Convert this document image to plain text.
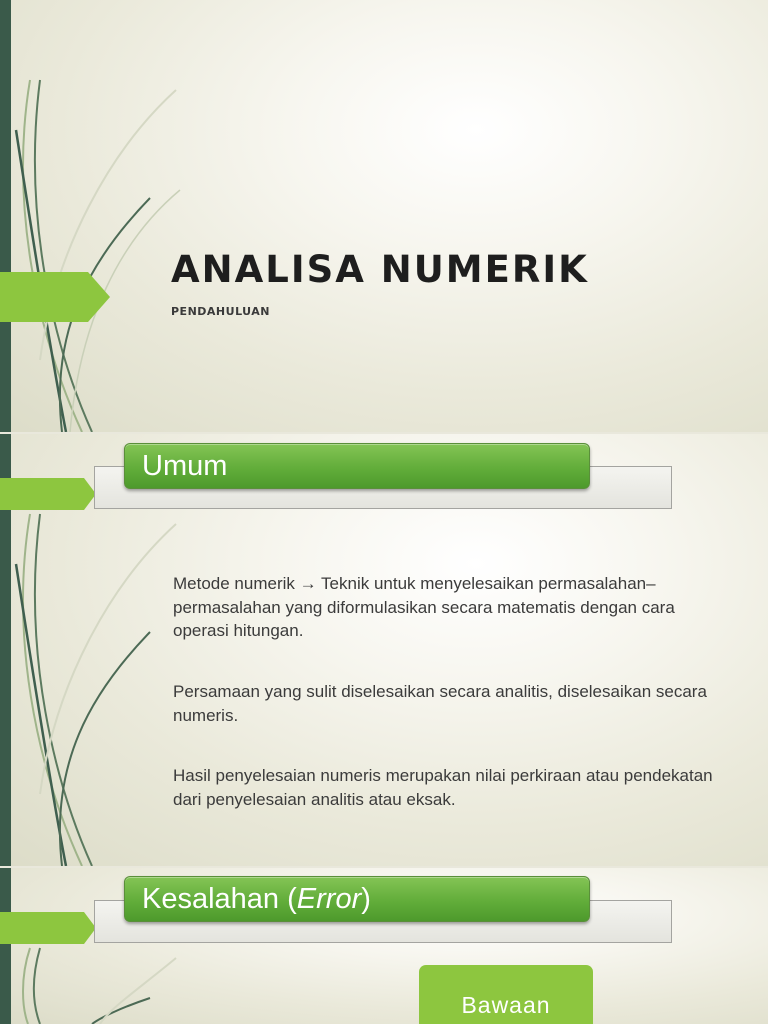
ANALISA NUMERIK

PENDAHULUAN

Umum

Metode numerik → Teknik untuk menyelesaikan permasalahan–permasalahan yang diformulasikan secara matematis dengan cara operasi hitungan.

Persamaan yang sulit diselesaikan secara analitis, diselesaikan secara numeris.

Hasil penyelesaian numeris merupakan nilai perkiraan atau pendekatan dari penyelesaian analitis atau eksak.

Kesalahan (Error)
Bawaan
